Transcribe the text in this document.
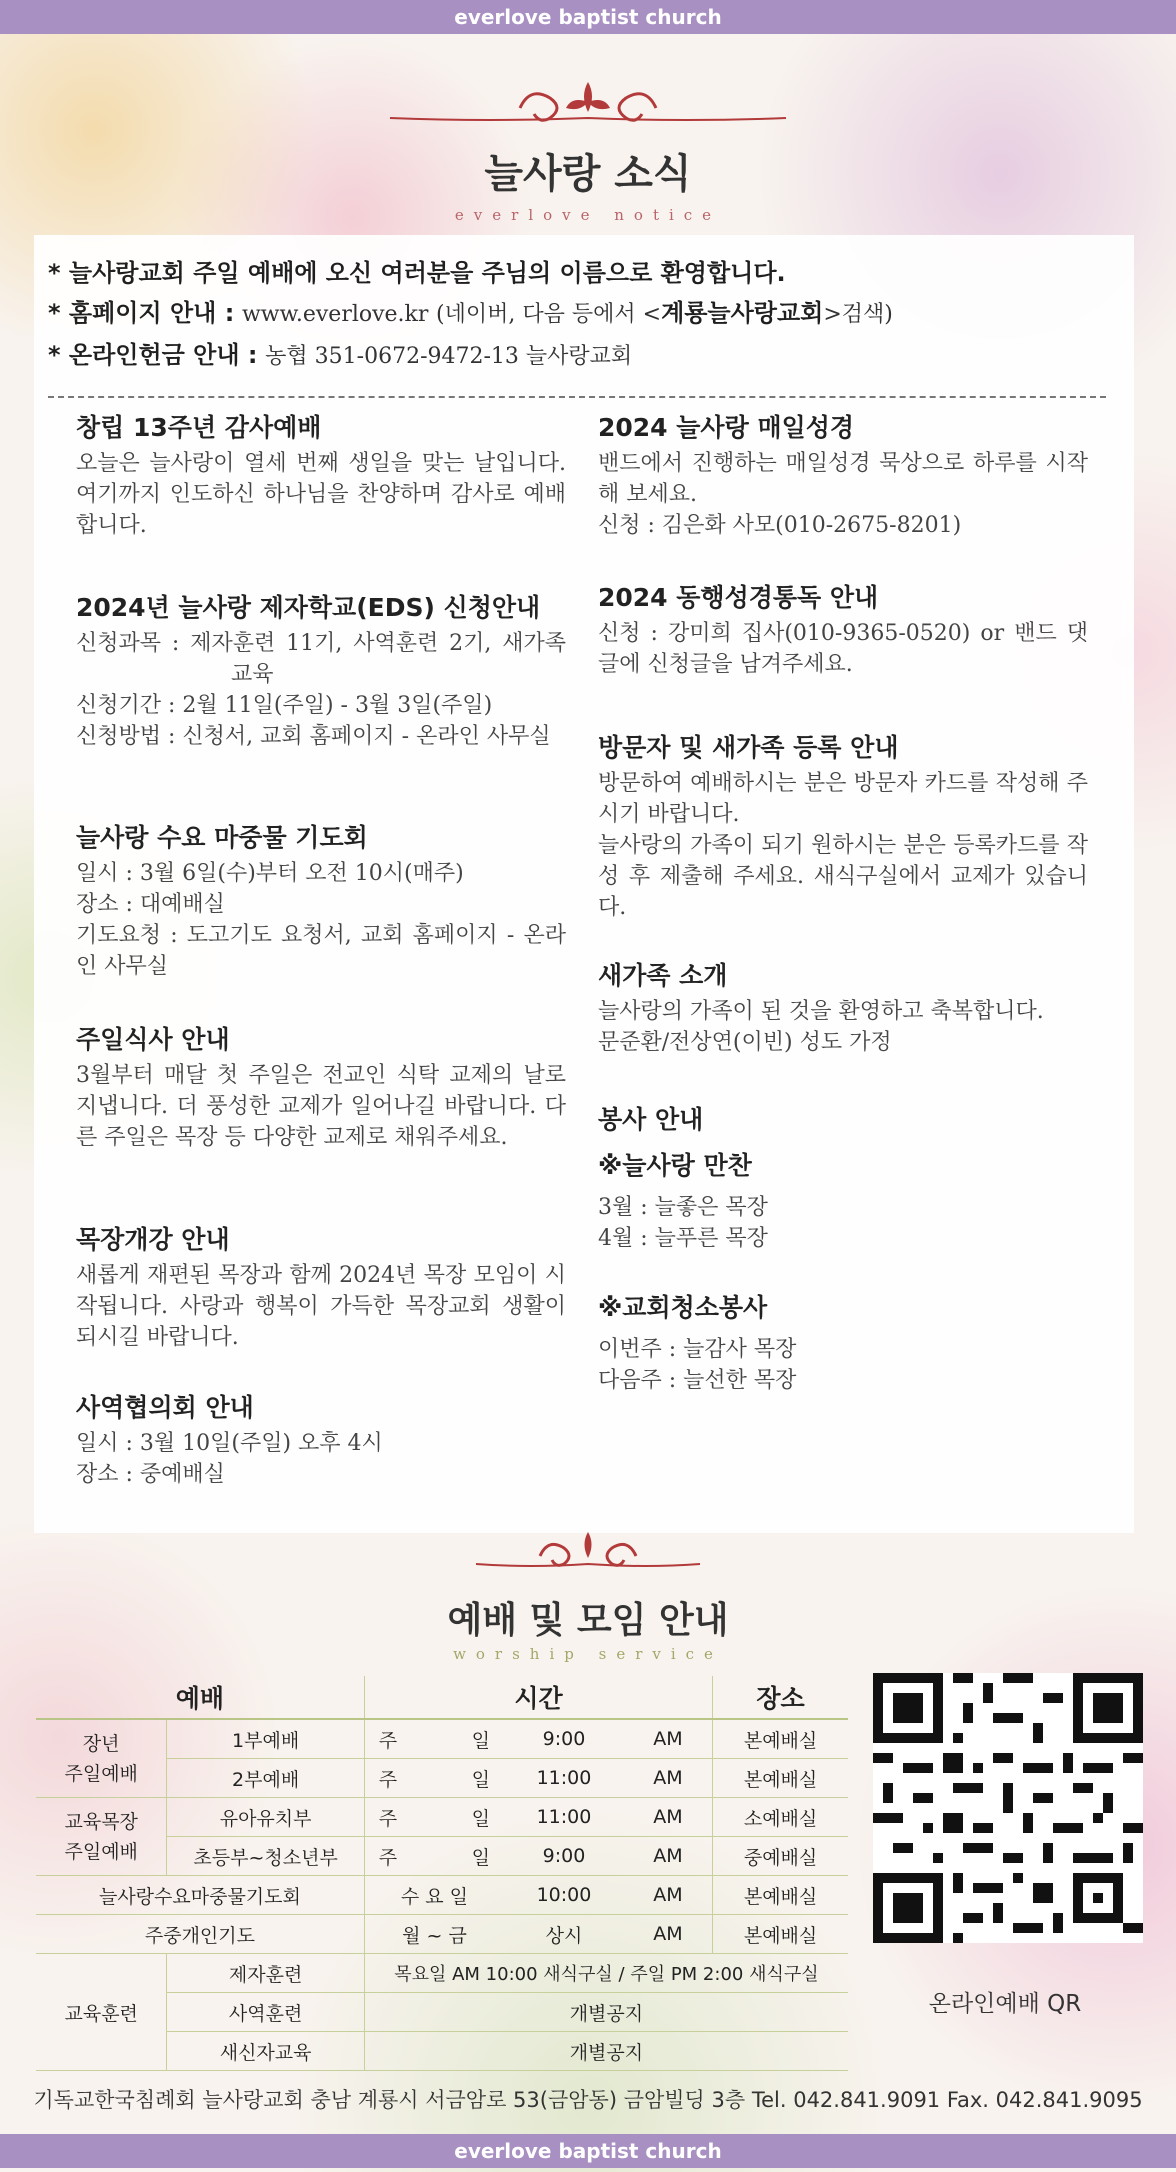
everlove baptist church
늘사랑 소식
everlove notice
* 늘사랑교회 주일 예배에 오신 여러분을 주님의 이름으로 환영합니다.
* 홈페이지 안내 : www.everlove.kr (네이버, 다음 등에서 <계룡늘사랑교회>검색)
* 온라인헌금 안내 : 농협 351-0672-9472-13 늘사랑교회
창립 13주년 감사예배
오늘은 늘사랑이 열세 번째 생일을 맞는 날입니다. 여기까지 인도하신 하나님을 찬양하며 감사로 예배합니다.
2024년 늘사랑 제자학교(EDS) 신청안내
신청과목 : 제자훈련 11기, 사역훈련 2기, 새가족 교육
신청기간 : 2월 11일(주일) - 3월 3일(주일)
신청방법 : 신청서, 교회 홈페이지 - 온라인 사무실
늘사랑 수요 마중물 기도회
일시 : 3월 6일(수)부터 오전 10시(매주)
장소 : 대예배실
기도요청 : 도고기도 요청서, 교회 홈페이지 - 온라인 사무실
주일식사 안내
3월부터 매달 첫 주일은 전교인 식탁 교제의 날로 지냅니다. 더 풍성한 교제가 일어나길 바랍니다. 다른 주일은 목장 등 다양한 교제로 채워주세요.
목장개강 안내
새롭게 재편된 목장과 함께 2024년 목장 모임이 시작됩니다. 사랑과 행복이 가득한 목장교회 생활이 되시길 바랍니다.
사역협의회 안내
일시 : 3월 10일(주일) 오후 4시
장소 : 중예배실
2024 늘사랑 매일성경
밴드에서 진행하는 매일성경 묵상으로 하루를 시작해 보세요.
신청 : 김은화 사모(010-2675-8201)
2024 동행성경통독 안내
신청 : 강미희 집사(010-9365-0520) or 밴드 댓글에 신청글을 남겨주세요.
방문자 및 새가족 등록 안내
방문하여 예배하시는 분은 방문자 카드를 작성해 주시기 바랍니다.
늘사랑의 가족이 되기 원하시는 분은 등록카드를 작성 후 제출해 주세요. 새식구실에서 교제가 있습니다.
새가족 소개
늘사랑의 가족이 된 것을 환영하고 축복합니다.
문준환/전상연(이빈) 성도 가정
봉사 안내
※늘사랑 만찬
3월 : 늘좋은 목장
4월 : 늘푸른 목장
※교회청소봉사
이번주 : 늘감사 목장
다음주 : 늘선한 목장
예배 및 모임 안내
worship service
예배		시간					장소
장년
주일예배	1부예배	주		일	9:00	AM	본예배실
	2부예배	주		일	11:00	AM	본예배실
교육목장
주일예배	유아유치부	주		일	11:00	AM	소예배실
	초등부~청소년부	주		일	9:00	AM	중예배실
늘사랑수요마중물기도회		수 요 일			10:00	AM	본예배실
주중개인기도		월 ~ 금			상시	AM	본예배실
교육훈련	제자훈련	목요일 AM 10:00 새식구실 / 주일 PM 2:00 새식구실					
	사역훈련	개별공지					
	새신자교육	개별공지					
온라인예배 QR
기독교한국침례회 늘사랑교회 충남 계룡시 서금암로 53(금암동) 금암빌딩 3층 Tel. 042.841.9091 Fax. 042.841.9095
everlove baptist church
